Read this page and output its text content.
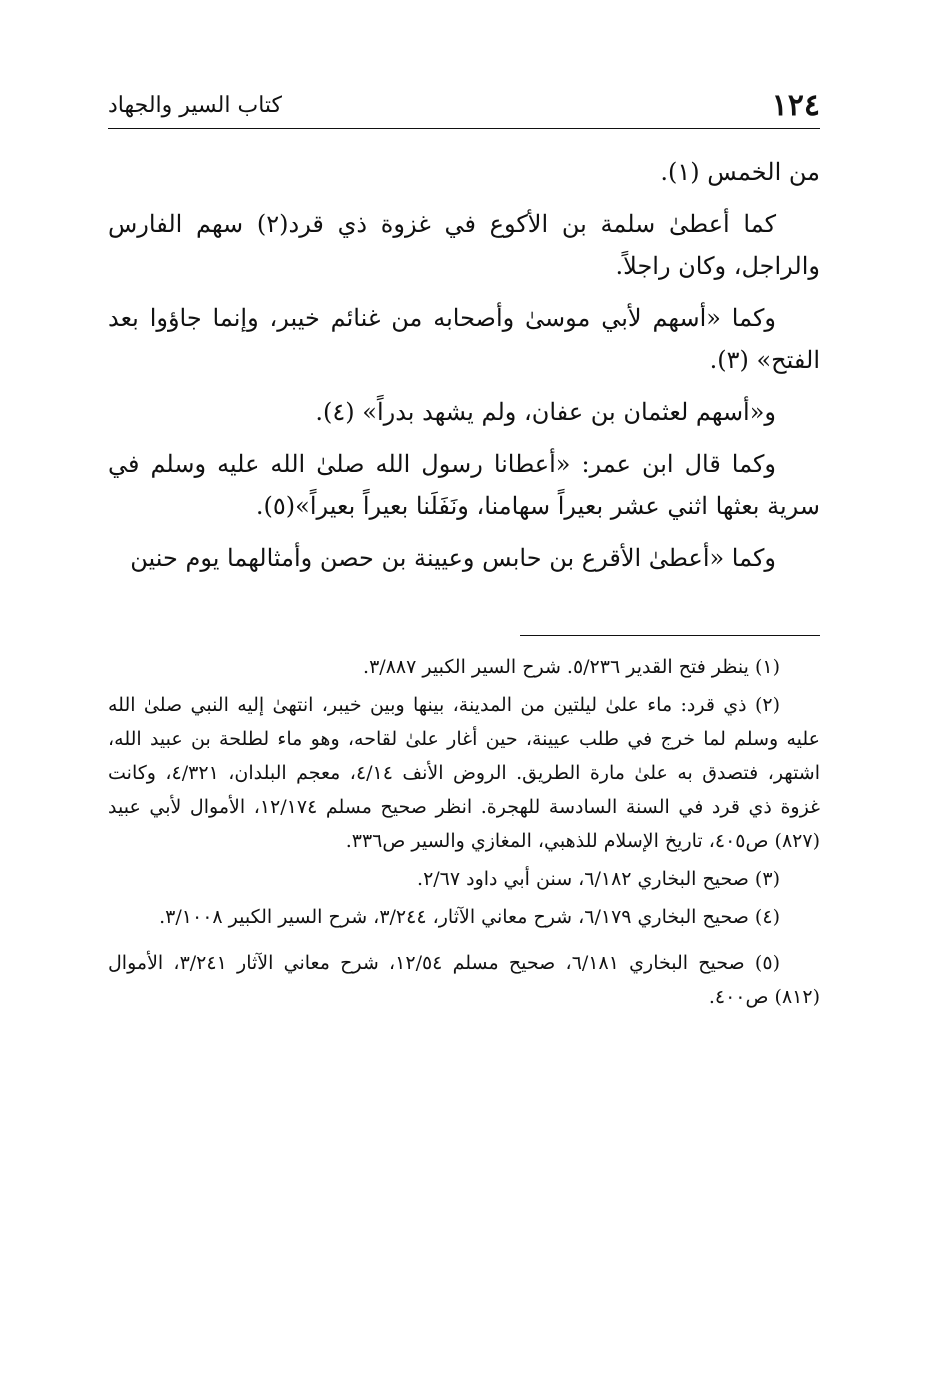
١٢٤
كتاب السير والجهاد

من الخمس (١).

كما أعطىٰ سلمة بن الأكوع في غزوة ذي قرد(٢) سهم الفارس والراجل، وكان راجلاً.

وكما «أسهم لأبي موسىٰ وأصحابه من غنائم خيبر، وإنما جاؤوا بعد الفتح» (٣).

و«أسهم لعثمان بن عفان، ولم يشهد بدراً» (٤).

وكما قال ابن عمر: «أعطانا رسول الله صلىٰ الله عليه وسلم في سرية بعثها اثني عشر بعيراً سهامنا، ونَفَلَنا بعيراً بعيراً»(٥).

وكما «أعطىٰ الأقرع بن حابس وعيينة بن حصن وأمثالهما يوم حنين

(١) ينظر فتح القدير ٥/٢٣٦. شرح السير الكبير ٣/٨٨٧.

(٢) ذي قرد: ماء علىٰ ليلتين من المدينة، بينها وبين خيبر، انتهىٰ إليه النبي صلىٰ الله عليه وسلم لما خرج في طلب عيينة، حين أغار علىٰ لقاحه، وهو ماء لطلحة بن عبيد الله، اشتهر، فتصدق به علىٰ مارة الطريق. الروض الأنف ٤/١٤، معجم البلدان، ٤/٣٢١، وكانت غزوة ذي قرد في السنة السادسة للهجرة. انظر صحيح مسلم ١٢/١٧٤، الأموال لأبي عبيد (٨٢٧) ص٤٠٥، تاريخ الإسلام للذهبي، المغازي والسير ص٣٣٦.

(٣) صحيح البخاري ٦/١٨٢، سنن أبي داود ٢/٦٧.

(٤) صحيح البخاري ٦/١٧٩، شرح معاني الآثار، ٣/٢٤٤، شرح السير الكبير ٣/١٠٠٨.

(٥) صحيح البخاري ٦/١٨١، صحيح مسلم ١٢/٥٤، شرح معاني الآثار ٣/٢٤١، الأموال (٨١٢) ص٤٠٠.
